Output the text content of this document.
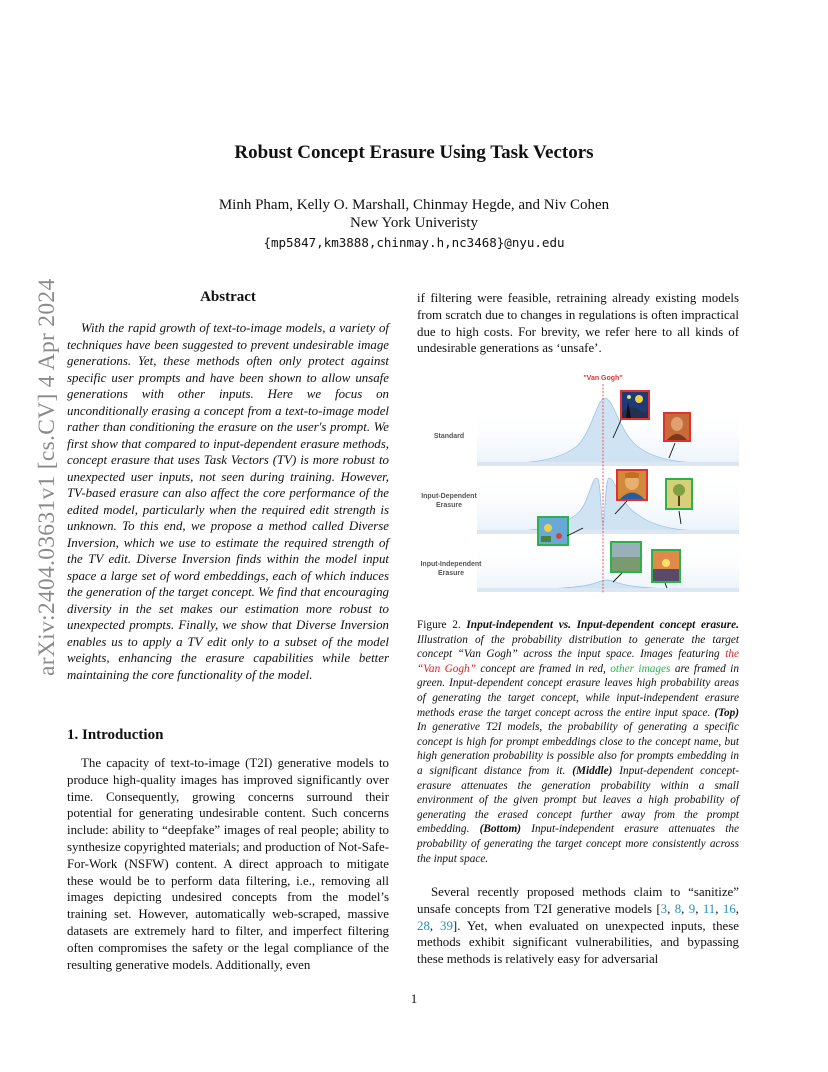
arXiv:2404.03631v1 [cs.CV] 4 Apr 2024
Robust Concept Erasure Using Task Vectors
Minh Pham, Kelly O. Marshall, Chinmay Hegde, and Niv Cohen
New York Univeristy
{mp5847,km3888,chinmay.h,nc3468}@nyu.edu
Abstract
With the rapid growth of text-to-image models, a variety of techniques have been suggested to prevent undesirable image generations. Yet, these methods often only protect against specific user prompts and have been shown to allow unsafe generations with other inputs. Here we focus on unconditionally erasing a concept from a text-to-image model rather than conditioning the erasure on the user's prompt. We first show that compared to input-dependent erasure methods, concept erasure that uses Task Vectors (TV) is more robust to unexpected user inputs, not seen during training. However, TV-based erasure can also affect the core performance of the edited model, particularly when the required edit strength is unknown. To this end, we propose a method called Diverse Inversion, which we use to estimate the required strength of the TV edit. Diverse Inversion finds within the model input space a large set of word embeddings, each of which induces the generation of the target concept. We find that encouraging diversity in the set makes our estimation more robust to unexpected prompts. Finally, we show that Diverse Inversion enables us to apply a TV edit only to a subset of the model weights, enhancing the erasure capabilities while better maintaining the core functionality of the model.
1. Introduction
The capacity of text-to-image (T2I) generative models to produce high-quality images has improved significantly over time. Consequently, growing concerns surround their potential for generating undesirable content. Such concerns include: ability to “deepfake” images of real people; ability to synthesize copyrighted materials; and production of Not-Safe-For-Work (NSFW) content. A direct approach to mitigate these would be to perform data filtering, i.e., removing all images depicting undesired concepts from the model’s training set. However, automatically web-scraped, massive datasets are extremely hard to filter, and imperfect filtering often compromises the safety or the legal compliance of the resulting generative models. Additionally, even
if filtering were feasible, retraining already existing models from scratch due to changes in regulations is often impractical due to high costs. For brevity, we refer here to all kinds of undesirable generations as ‘unsafe’.
"Van Gogh"
Standard
Input-Dependent
Erasure
Input-Independent
Erasure
Figure 2. Input-independent vs. Input-dependent concept erasure. Illustration of the probability distribution to generate the target concept “Van Gogh” across the input space. Images featuring the “Van Gogh” concept are framed in red, other images are framed in green. Input-dependent concept erasure leaves high probability areas of generating the target concept, while input-independent erasure methods erase the target concept across the entire input space. (Top) In generative T2I models, the probability of generating a specific concept is high for prompt embeddings close to the concept name, but high generation probability is possible also for prompts embedding in a significant distance from it. (Middle) Input-dependent concept-erasure attenuates the generation probability within a small environment of the given prompt but leaves a high probability of generating the erased concept further away from the prompt embedding. (Bottom) Input-independent erasure attenuates the probability of generating the target concept more consistently across the input space.
Several recently proposed methods claim to “sanitize” unsafe concepts from T2I generative models [3, 8, 9, 11, 16, 28, 39]. Yet, when evaluated on unexpected inputs, these methods exhibit significant vulnerabilities, and bypassing these methods is relatively easy for adversarial
1
